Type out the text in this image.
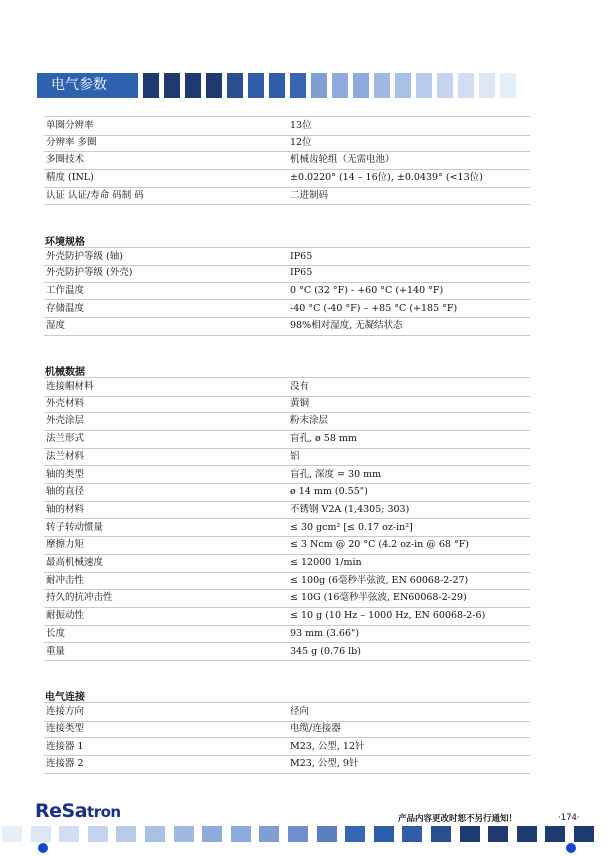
电气参数
单圈分辨率	13位
分辨率 多圈	12位
多圈技术	机械齿轮组（无需电池）
精度 (INL)	±0.0220° (14 – 16位), ±0.0439° (<13位)
认证 认证/寿命 码制 码	二进制码
环境规格
外壳防护等级 (轴)	IP65
外壳防护等级 (外壳)	IP65
工作温度	0 °C (32 °F) - +60 °C (+140 °F)
存储温度	-40 °C (-40 °F) – +85 °C (+185 °F)
湿度	98%相对湿度, 无凝结状态
机械数据
连接帽材料	没有
外壳材料	黄铜
外壳涂层	粉末涂层
法兰形式	盲孔, ø 58 mm
法兰材料	铝
轴的类型	盲孔, 深度 = 30 mm
轴的直径	ø 14 mm (0.55")
轴的材料	不锈钢 V2A (1,4305; 303)
转子转动惯量	≤ 30 gcm² [≤ 0.17 oz-in²]
摩擦力矩	≤ 3 Ncm @ 20 °C (4.2 oz-in @ 68 °F)
最高机械速度	≤ 12000 1/min
耐冲击性	≤ 100g (6毫秒半弦波, EN 60068-2-27)
持久的抗冲击性	≤ 10G (16毫秒半弦波, EN60068-2-29)
耐振动性	≤ 10 g (10 Hz – 1000 Hz, EN 60068-2-6)
长度	93 mm (3.66")
重量	345 g (0.76 lb)
电气连接
连接方向	径向
连接类型	电缆/连接器
连接器 1	M23, 公型, 12针
连接器 2	M23, 公型, 9针
ReSatron	产品内容更改时恕不另行通知！	·174·
